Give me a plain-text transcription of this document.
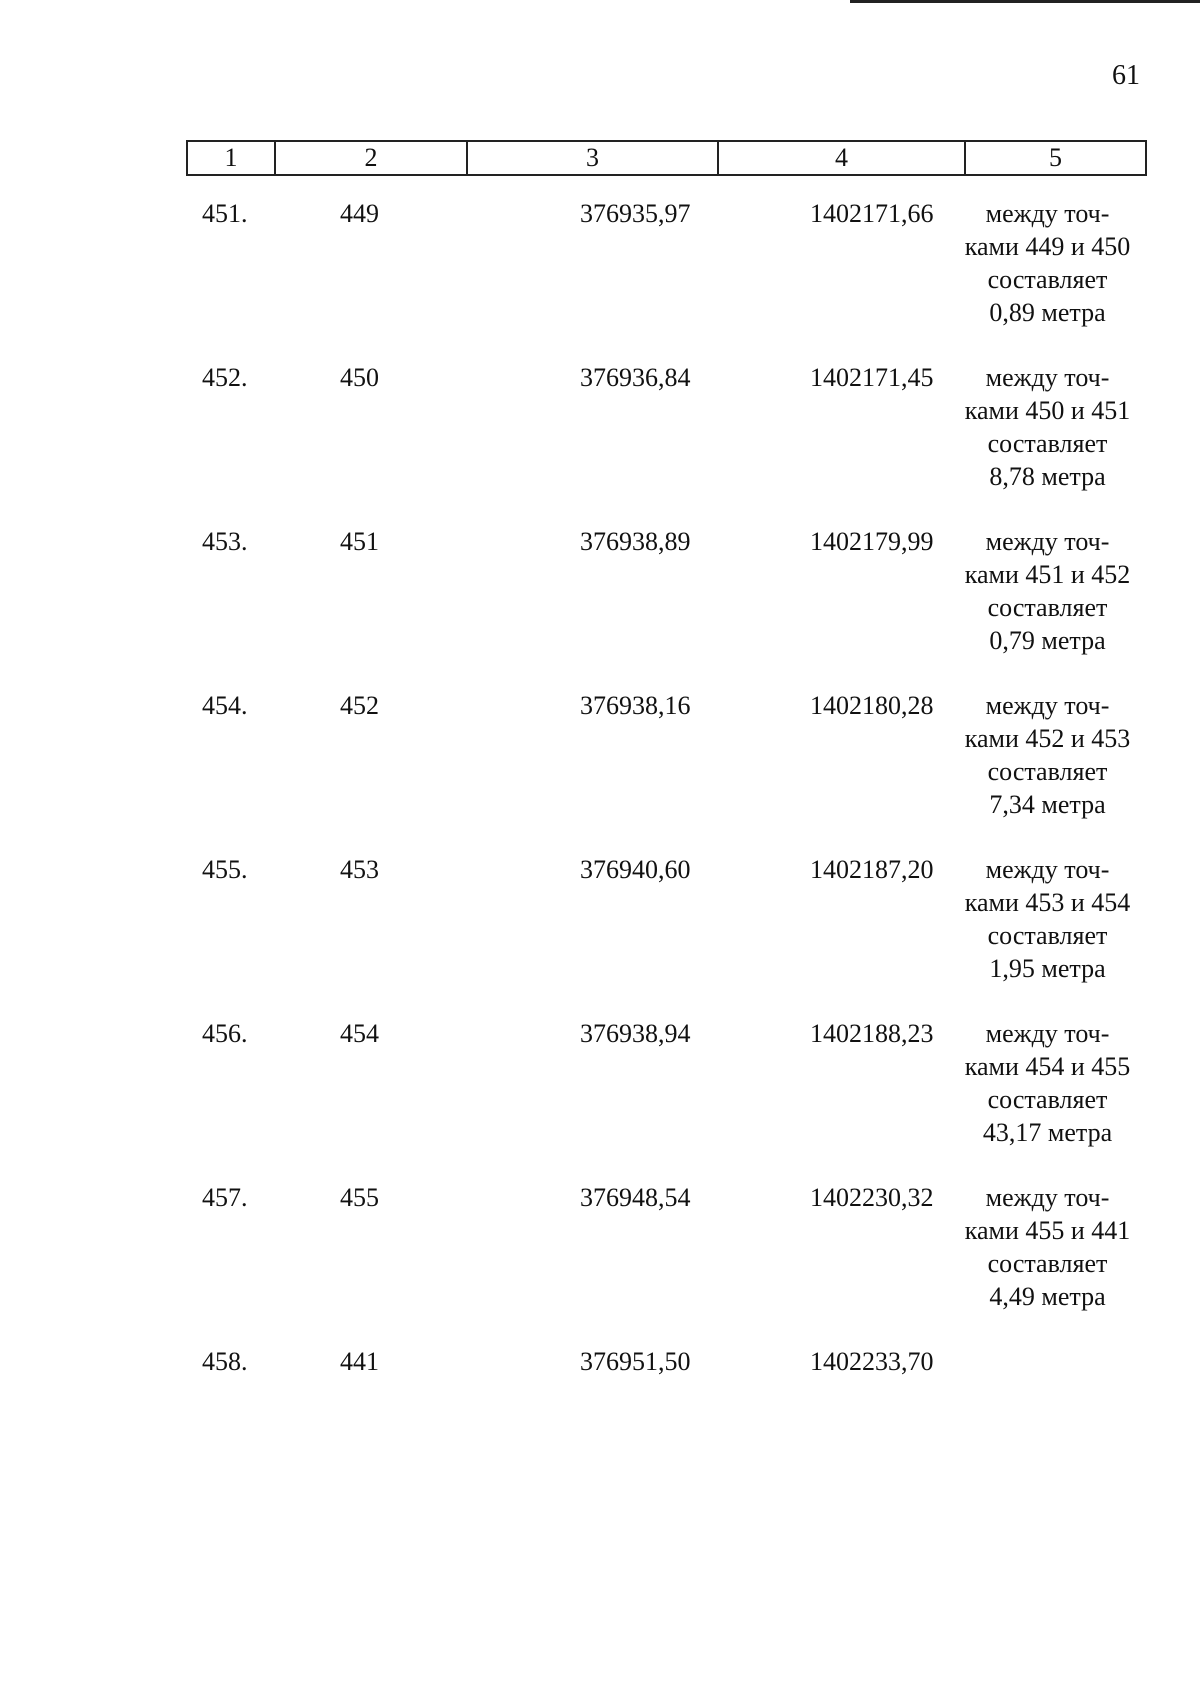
61
1	2	3	4	5
451.	449	376935,97	1402171,66	между точ-
ками 449 и 450
составляет
0,89 метра
452.	450	376936,84	1402171,45	между точ-
ками 450 и 451
составляет
8,78 метра
453.	451	376938,89	1402179,99	между точ-
ками 451 и 452
составляет
0,79 метра
454.	452	376938,16	1402180,28	между точ-
ками 452 и 453
составляет
7,34 метра
455.	453	376940,60	1402187,20	между точ-
ками 453 и 454
составляет
1,95 метра
456.	454	376938,94	1402188,23	между точ-
ками 454 и 455
составляет
43,17 метра
457.	455	376948,54	1402230,32	между точ-
ками 455 и 441
составляет
4,49 метра
458.	441	376951,50	1402233,70
